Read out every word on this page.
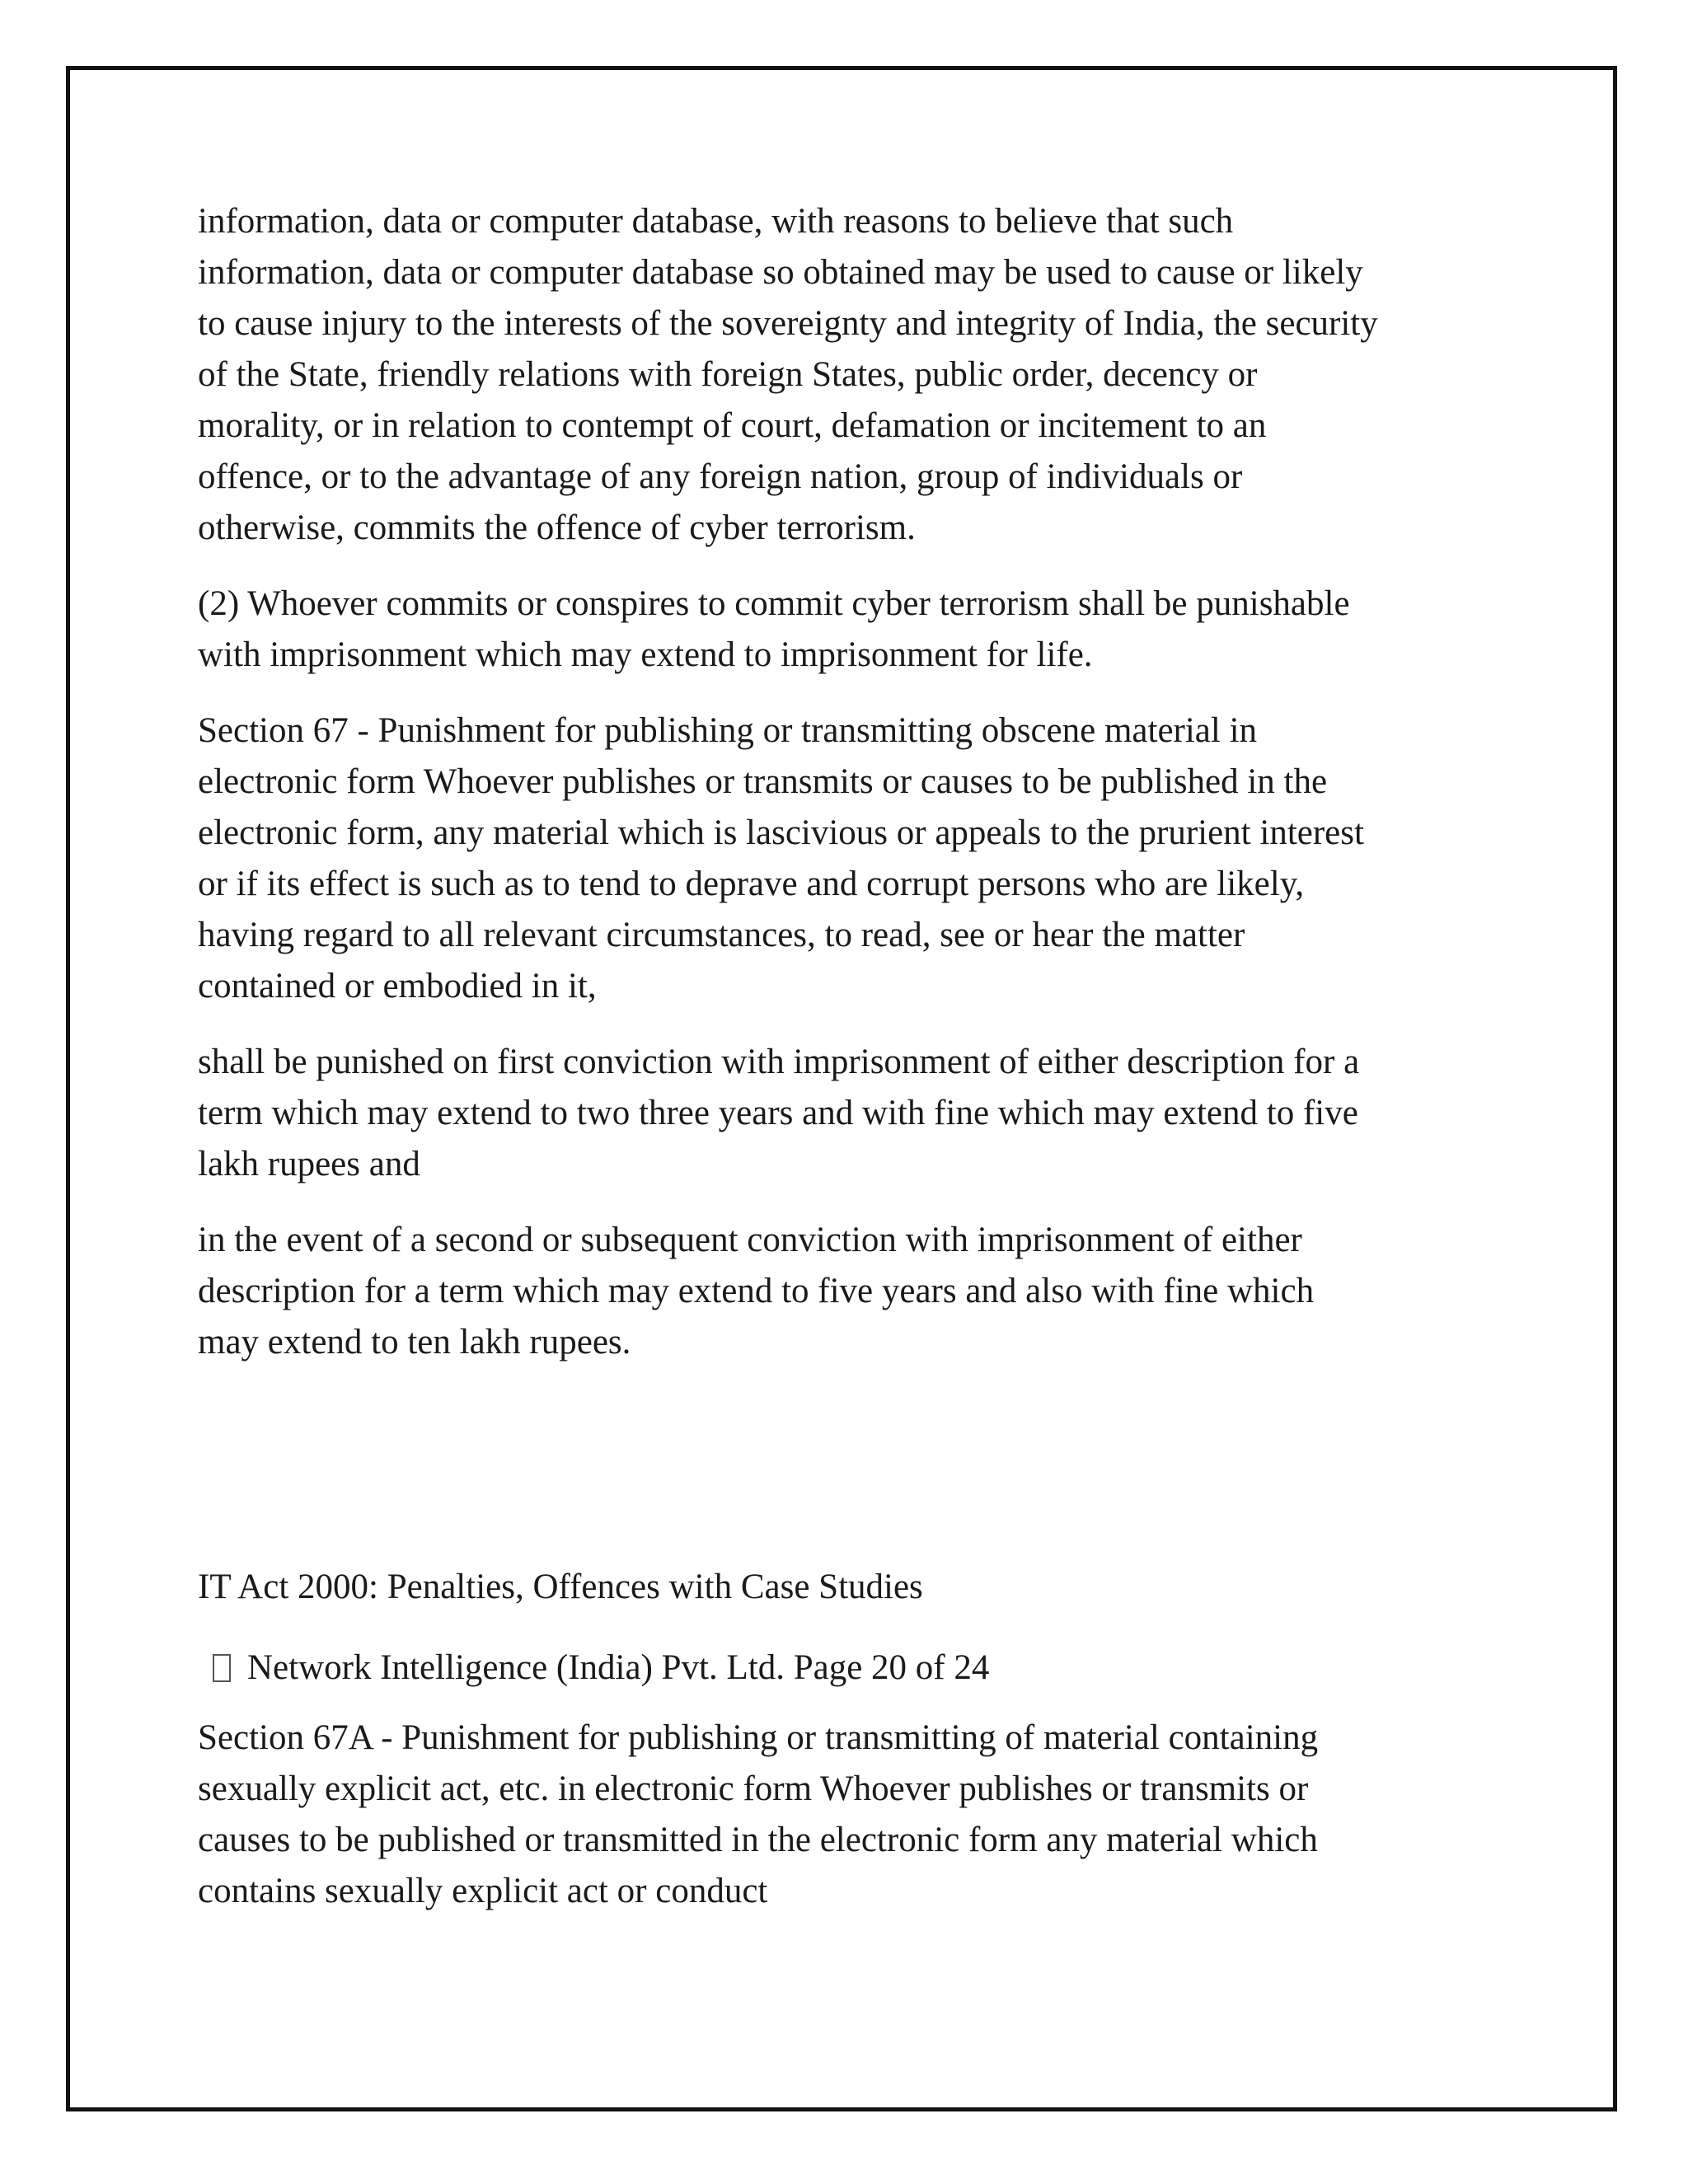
information, data or computer database, with reasons to believe that such
information, data or computer database so obtained may be used to cause or likely
to cause injury to the interests of the sovereignty and integrity of India, the security
of the State, friendly relations with foreign States, public order, decency or
morality, or in relation to contempt of court, defamation or incitement to an
offence, or to the advantage of any foreign nation, group of individuals or
otherwise, commits the offence of cyber terrorism.

(2) Whoever commits or conspires to commit cyber terrorism shall be punishable
with imprisonment which may extend to imprisonment for life.

Section 67 - Punishment for publishing or transmitting obscene material in
electronic form Whoever publishes or transmits or causes to be published in the
electronic form, any material which is lascivious or appeals to the prurient interest
or if its effect is such as to tend to deprave and corrupt persons who are likely,
having regard to all relevant circumstances, to read, see or hear the matter
contained or embodied in it,

shall be punished on first conviction with imprisonment of either description for a
term which may extend to two three years and with fine which may extend to five
lakh rupees and

in the event of a second or subsequent conviction with imprisonment of either
description for a term which may extend to five years and also with fine which
may extend to ten lakh rupees.

IT Act 2000: Penalties, Offences with Case Studies

Network Intelligence (India) Pvt. Ltd. Page 20 of 24

Section 67A - Punishment for publishing or transmitting of material containing
sexually explicit act, etc. in electronic form Whoever publishes or transmits or
causes to be published or transmitted in the electronic form any material which
contains sexually explicit act or conduct
